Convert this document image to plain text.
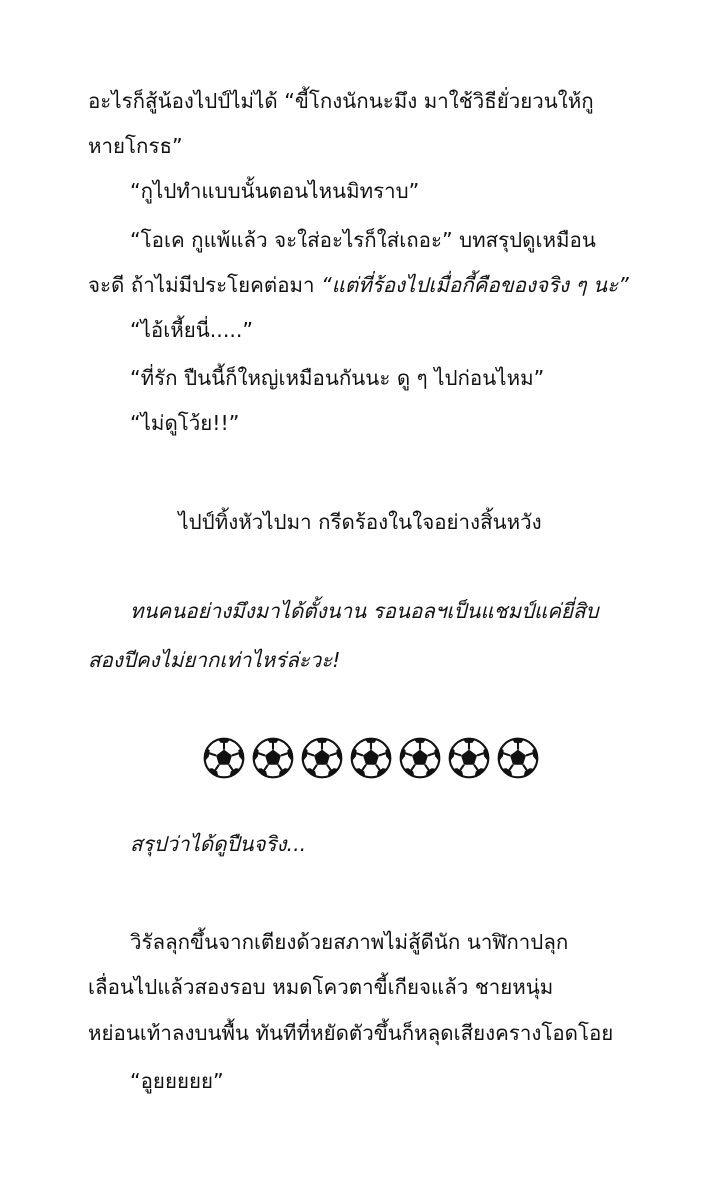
อะไรก็สู้น้องไปป์ไม่ได้ “ขี้โกงนักนะมึง มาใช้วิธียั่วยวนให้กู

หายโกรธ”

“กูไปทำแบบนั้นตอนไหนมิทราบ”

“โอเค กูแพ้แล้ว จะใส่อะไรก็ใส่เถอะ” บทสรุปดูเหมือน

จะดี ถ้าไม่มีประโยคต่อมา “แต่ที่ร้องไปเมื่อกี้คือของจริง ๆ นะ”

“ไอ้เหี้ยนี่.....”

“ที่รัก ปืนนี้ก็ใหญ่เหมือนกันนะ ดู ๆ ไปก่อนไหม”

“ไม่ดูโว้ย!!”

ไปป์ทิ้งหัวไปมา กรีดร้องในใจอย่างสิ้นหวัง

ทนคนอย่างมึงมาได้ตั้งนาน รอนอลฯเป็นแชมป์แค่ยี่สิบ

สองปีคงไม่ยากเท่าไหร่ล่ะวะ!

สรุปว่าได้ดูปืนจริง...

วิรัลลุกขึ้นจากเตียงด้วยสภาพไม่สู้ดีนัก นาฬิกาปลุก

เลื่อนไปแล้วสองรอบ หมดโควตาขี้เกียจแล้ว ชายหนุ่ม

หย่อนเท้าลงบนพื้น ทันทีที่หยัดตัวขึ้นก็หลุดเสียงครางโอดโอย

“อูยยยยย”
